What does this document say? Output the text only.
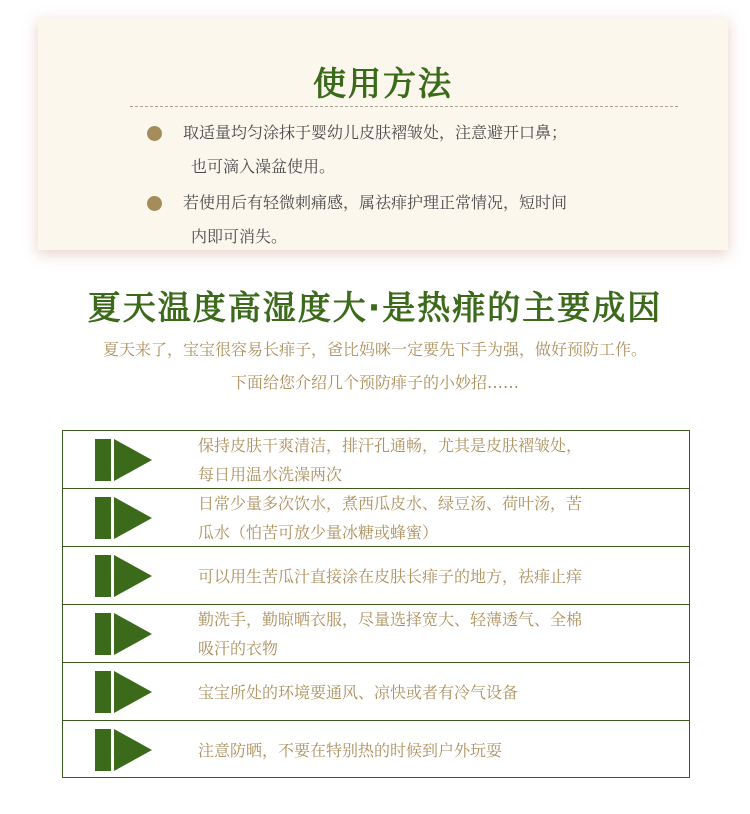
使用方法
取适量均匀涂抹于婴幼儿皮肤褶皱处，注意避开口鼻；
也可滴入澡盆使用。
若使用后有轻微刺痛感，属祛痱护理正常情况，短时间
内即可消失。
夏天温度高湿度大·是热痱的主要成因
夏天来了，宝宝很容易长痱子，爸比妈咪一定要先下手为强，做好预防工作。
下面给您介绍几个预防痱子的小妙招……
保持皮肤干爽清洁，排汗孔通畅，尤其是皮肤褶皱处，
每日用温水洗澡两次
日常少量多次饮水，煮西瓜皮水、绿豆汤、荷叶汤，苦
瓜水（怕苦可放少量冰糖或蜂蜜）
可以用生苦瓜汁直接涂在皮肤长痱子的地方，祛痱止痒
勤洗手，勤晾晒衣服，尽量选择宽大、轻薄透气、全棉
吸汗的衣物
宝宝所处的环境要通风、凉快或者有冷气设备
注意防晒，不要在特别热的时候到户外玩耍
